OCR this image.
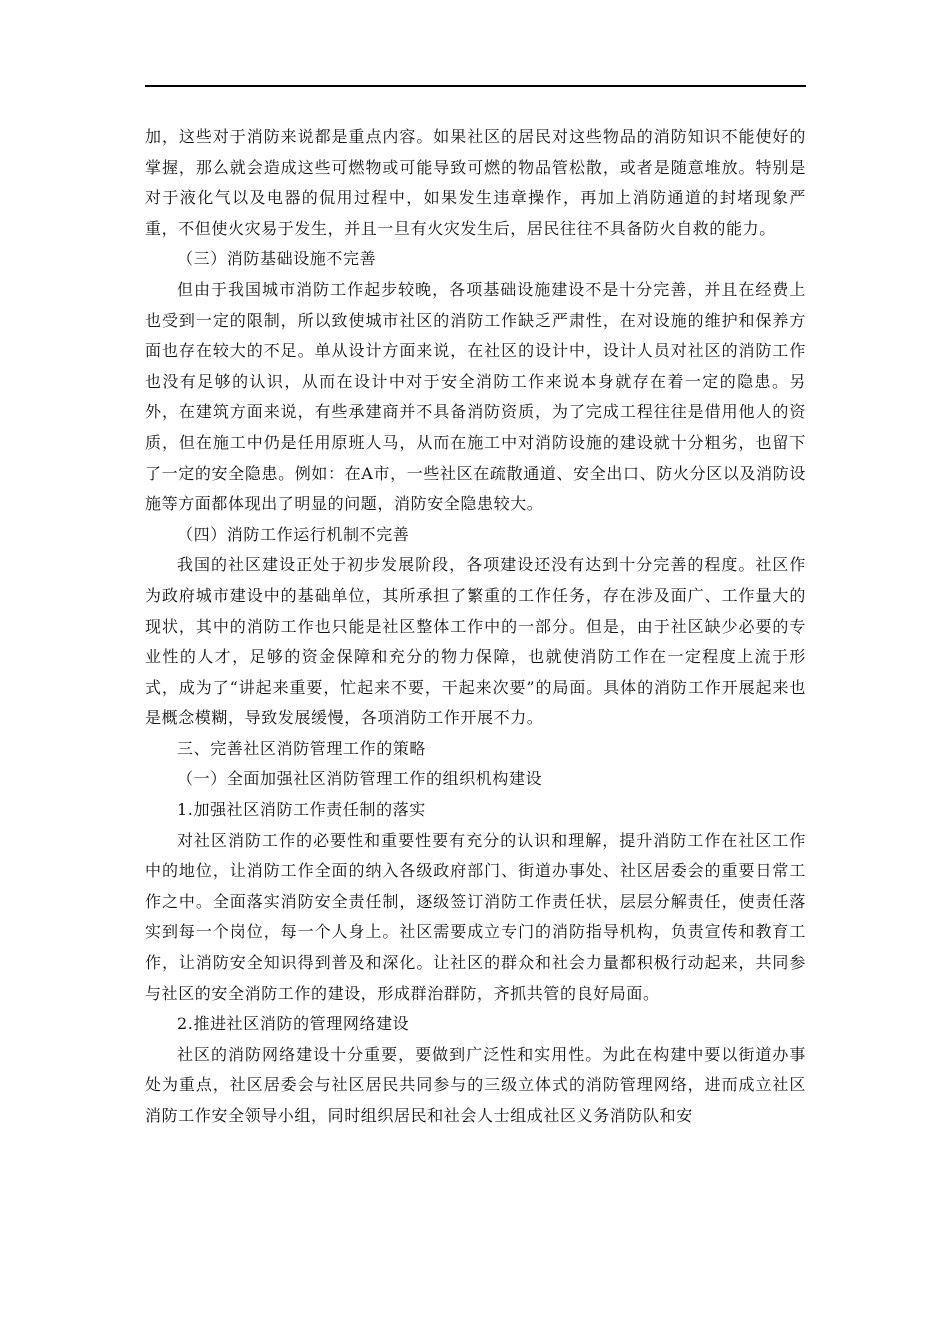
加，这些对于消防来说都是重点内容。如果社区的居民对这些物品的消防知识不能使好的掌握，那么就会造成这些可燃物或可能导致可燃的物品管松散，或者是随意堆放。特别是对于液化气以及电器的侃用过程中，如果发生违章操作，再加上消防通道的封堵现象严重，不但使火灾易于发生，并且一旦有火灾发生后，居民往往不具备防火自救的能力。

（三）消防基础设施不完善

但由于我国城市消防工作起步较晚，各项基础设施建设不是十分完善，并且在经费上也受到一定的限制，所以致使城市社区的消防工作缺乏严肃性，在对设施的维护和保养方面也存在较大的不足。单从设计方面来说，在社区的设计中，设计人员对社区的消防工作也没有足够的认识，从而在设计中对于安全消防工作来说本身就存在着一定的隐患。另外，在建筑方面来说，有些承建商并不具备消防资质，为了完成工程往往是借用他人的资质，但在施工中仍是任用原班人马，从而在施工中对消防设施的建设就十分粗劣，也留下了一定的安全隐患。例如：在A市，一些社区在疏散通道、安全出口、防火分区以及消防设施等方面都体现出了明显的问题，消防安全隐患较大。

（四）消防工作运行机制不完善

我国的社区建设正处于初步发展阶段，各项建设还没有达到十分完善的程度。社区作为政府城市建设中的基础单位，其所承担了繁重的工作任务，存在涉及面广、工作量大的现状，其中的消防工作也只能是社区整体工作中的一部分。但是，由于社区缺少必要的专业性的人才，足够的资金保障和充分的物力保障，也就使消防工作在一定程度上流于形式，成为了“讲起来重要，忙起来不要，干起来次要”的局面。具体的消防工作开展起来也是概念模糊，导致发展缓慢，各项消防工作开展不力。

三、完善社区消防管理工作的策略

（一）全面加强社区消防管理工作的组织机构建设

1.加强社区消防工作责任制的落实

对社区消防工作的必要性和重要性要有充分的认识和理解，提升消防工作在社区工作中的地位，让消防工作全面的纳入各级政府部门、街道办事处、社区居委会的重要日常工作之中。全面落实消防安全责任制，逐级签订消防工作责任状，层层分解责任，使责任落实到每一个岗位，每一个人身上。社区需要成立专门的消防指导机构，负责宣传和教育工作，让消防安全知识得到普及和深化。让社区的群众和社会力量都积极行动起来，共同参与社区的安全消防工作的建设，形成群治群防，齐抓共管的良好局面。

2.推进社区消防的管理网络建设

社区的消防网络建设十分重要，要做到广泛性和实用性。为此在构建中要以街道办事处为重点，社区居委会与社区居民共同参与的三级立体式的消防管理网络，进而成立社区消防工作安全领导小组，同时组织居民和社会人士组成社区义务消防队和安
